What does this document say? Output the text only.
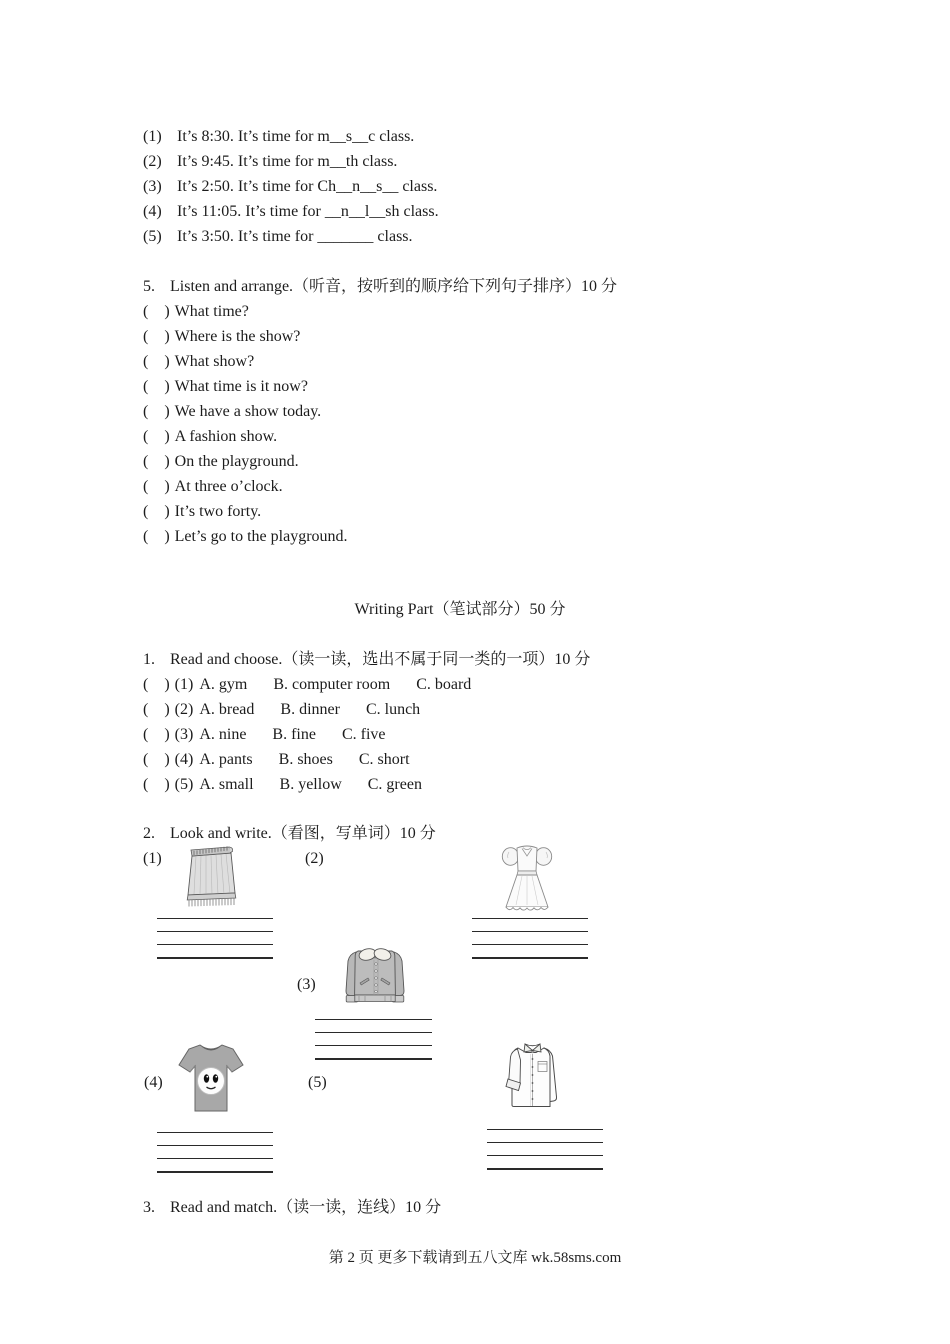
(1) It’s 8:30. It’s time for m__s__c class.
(2) It’s 9:45. It’s time for m__th class.
(3) It’s 2:50. It’s time for Ch__n__s__ class.
(4) It’s 11:05. It’s time for __n__l__sh class.
(5) It’s 3:50. It’s time for _______ class.
5. Listen and arrange.（听音，按听到的顺序给下列句子排序）10 分
(    ) What time?
(    ) Where is the show?
(    ) What show?
(    ) What time is it now?
(    ) We have a show today.
(    ) A fashion show.
(    ) On the playground.
(    ) At three o’clock.
(    ) It’s two forty.
(    ) Let’s go to the playground.
Writing Part（笔试部分）50 分
1. Read and choose.（读一读，选出不属于同一类的一项）10 分
(    ) (1) A. gym B. computer room C. board
(    ) (2) A. bread B. dinner C. lunch
(    ) (3) A. nine B. fine C. five
(    ) (4) A. pants B. shoes C. short
(    ) (5) A. small B. yellow C. green
2. Look and write.（看图，写单词）10 分
(1)	(2)
(3)
(4)	(5)
3. Read and match.（读一读，连线）10 分
第 2 页 更多下载请到五八文库 wk.58sms.com
